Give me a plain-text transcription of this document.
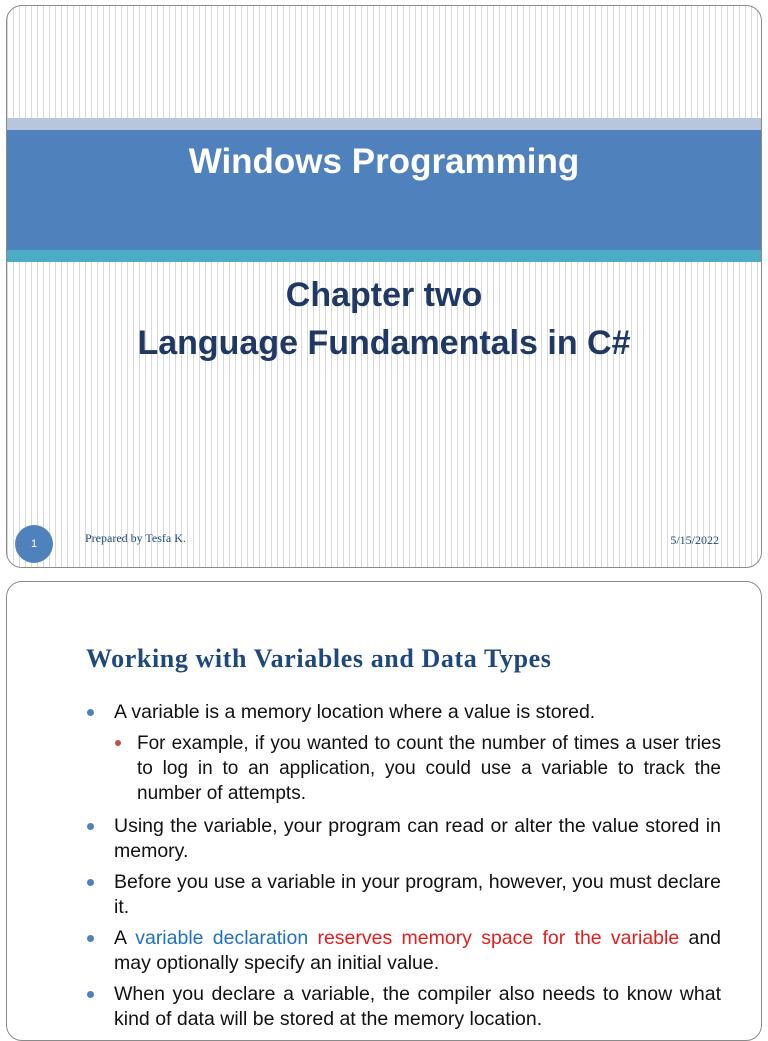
Windows Programming
Chapter two
Language Fundamentals in C#
1	Prepared by Tesfa K.	5/15/2022
Working with Variables and Data Types
A variable is a memory location where a value is stored.
For example, if you wanted to count the number of times a user tries to log in to an application, you could use a variable to track the number of attempts.
Using the variable, your program can read or alter the value stored in memory.
Before you use a variable in your program, however, you must declare it.
A variable declaration reserves memory space for the variable and may optionally specify an initial value.
When you declare a variable, the compiler also needs to know what kind of data will be stored at the memory location.
